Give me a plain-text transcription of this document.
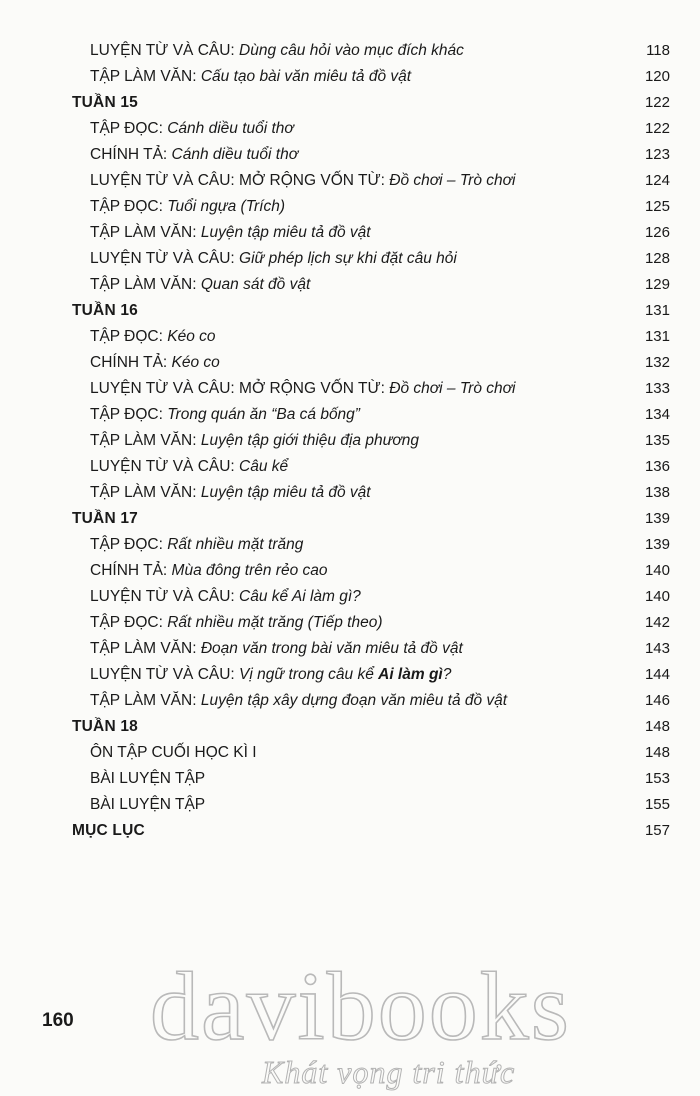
LUYỆN TỪ VÀ CÂU: Dùng câu hỏi vào mục đích khác	118
TẬP LÀM VĂN: Cấu tạo bài văn miêu tả đồ vật	120
TUẦN 15	122
TẬP ĐỌC: Cánh diều tuổi thơ	122
CHÍNH TẢ: Cánh diều tuổi thơ	123
LUYỆN TỪ VÀ CÂU: MỞ RỘNG VỐN TỪ: Đồ chơi – Trò chơi	124
TẬP ĐỌC: Tuổi ngựa (Trích)	125
TẬP LÀM VĂN: Luyện tập miêu tả đồ vật	126
LUYỆN TỪ VÀ CÂU: Giữ phép lịch sự khi đặt câu hỏi	128
TẬP LÀM VĂN: Quan sát đồ vật	129
TUẦN 16	131
TẬP ĐỌC: Kéo co	131
CHÍNH TẢ: Kéo co	132
LUYỆN TỪ VÀ CÂU: MỞ RỘNG VỐN TỪ: Đồ chơi – Trò chơi	133
TẬP ĐỌC: Trong quán ăn “Ba cá bống”	134
TẬP LÀM VĂN: Luyện tập giới thiệu địa phương	135
LUYỆN TỪ VÀ CÂU: Câu kể	136
TẬP LÀM VĂN: Luyện tập miêu tả đồ vật	138
TUẦN 17	139
TẬP ĐỌC: Rất nhiều mặt trăng	139
CHÍNH TẢ: Mùa đông trên rẻo cao	140
LUYỆN TỪ VÀ CÂU: Câu kể Ai làm gì?	140
TẬP ĐỌC: Rất nhiều mặt trăng (Tiếp theo)	142
TẬP LÀM VĂN: Đoạn văn trong bài văn miêu tả đồ vật	143
LUYỆN TỪ VÀ CÂU: Vị ngữ trong câu kể Ai làm gì?	144
TẬP LÀM VĂN: Luyện tập xây dựng đoạn văn miêu tả đồ vật	146
TUẦN 18	148
ÔN TẬP CUỐI HỌC KÌ I	148
BÀI LUYỆN TẬP	153
BÀI LUYỆN TẬP	155
MỤC LỤC	157
160 davibooks
Khát vọng tri thức
